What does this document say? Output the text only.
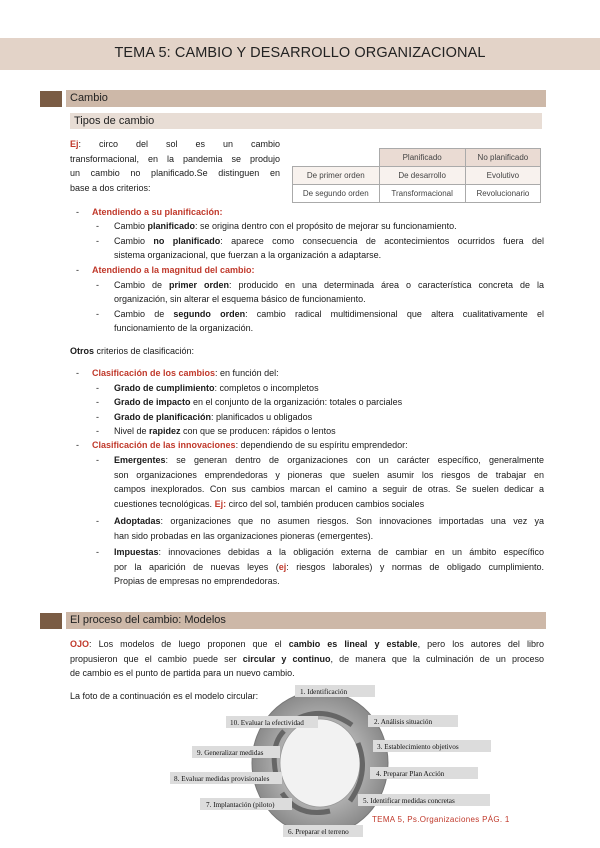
TEMA 5: CAMBIO Y DESARROLLO ORGANIZACIONAL
Cambio
Tipos de cambio
Ej: circo del sol es un cambio
transformacional, en la pandemia se produjo
un cambio no planificado.Se distinguen en
base a dos criterios:
	Planificado	No planificado
De primer orden	De desarrollo	Evolutivo
De segundo orden	Transformacional	Revolucionario
- Atendiendo a su planificación:
- Cambio planificado: se origina dentro con el propósito de mejorar su funcionamiento.
- Cambio no planificado: aparece como consecuencia de acontecimientos ocurridos fuera del
sistema organizacional, que fuerzan a la organización a adaptarse.
- Atendiendo a la magnitud del cambio:
- Cambio de primer orden: producido en una determinada área o característica concreta de la
organización, sin alterar el esquema básico de funcionamiento.
- Cambio de segundo orden: cambio radical multidimensional que altera cualitativamente el
funcionamiento de la organización.
Otros criterios de clasificación:
- Clasificación de los cambios: en función del:
- Grado de cumplimiento: completos o incompletos
- Grado de impacto en el conjunto de la organización: totales o parciales
- Grado de planificación: planificados u obligados
- Nivel de rapidez con que se producen: rápidos o lentos
- Clasificación de las innovaciones: dependiendo de su espíritu emprendedor:
- Emergentes: se generan dentro de organizaciones con un carácter específico, generalmente
son organizaciones emprendedoras y pioneras que suelen asumir los riesgos de trabajar en
campos inexplorados. Con sus cambios marcan el camino a seguir de otras. Se suelen dedicar a
cuestiones tecnológicas. Ej: circo del sol, también producen cambios sociales
- Adoptadas: organizaciones que no asumen riesgos. Son innovaciones importadas una vez ya
han sido probadas en las organizaciones pioneras (emergentes).
- Impuestas: innovaciones debidas a la obligación externa de cambiar en un ámbito específico
por la aparición de nuevas leyes (ej: riesgos laborales) y normas de obligado cumplimiento.
Propias de empresas no emprendedoras.
El proceso del cambio: Modelos
OJO: Los modelos de luego proponen que el cambio es lineal y estable, pero los autores del libro
propusieron que el cambio puede ser circular y continuo, de manera que la culminación de un proceso
de cambio es el punto de partida para un nuevo cambio.
La foto de a continuación es el modelo circular:	1. Identificación
2. Análisis situación
3. Establecimiento objetivos
4. Preparar Plan Acción
5. Identificar medidas concretas
6. Preparar el terreno
7. Implantación (piloto)
8. Evaluar medidas provisionales
9. Generalizar medidas
10. Evaluar la efectividad
TEMA 5, Ps.Organizaciones PÁG. 1
